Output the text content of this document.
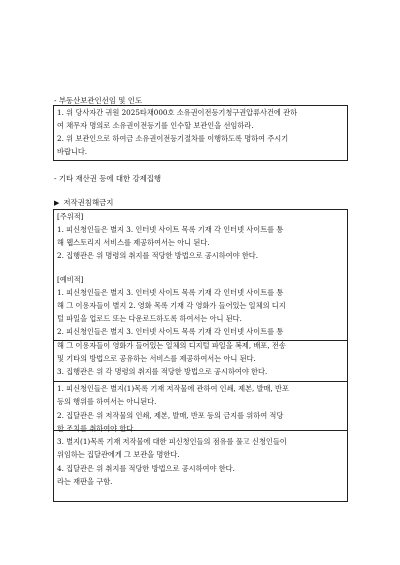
- 부동산보관인선임 및 인도
1. 위 당사자간 귀원 2025타채000호 소유권이전등기청구권압류사건에 관하
여 채무자 명의로 소유권이전등기를 인수할 보관인을 선임하라.
2. 위 보관인으로 하여금 소유권이전등기절차를 이행하도록 명하여 주시기
바랍니다.
- 기타 재산권 등에 대한 강제집행
▶ 저작권침해금지
[주위적]
1. 피신청인들은 별지 3. 인터넷 사이트 목록 기재 각 인터넷 사이트를 통
해 웹스토리지 서비스를 제공하여서는 아니 된다.
2. 집행관은 위 명령의 취지를 적당한 방법으로 공시하여야 한다.
[예비적]
1. 피신청인들은 별지 3. 인터넷 사이트 목록 기재 각 인터넷 사이트를 통
해 그 이용자들이 별지 2. 영화 목록 기재 각 영화가 들어있는 일체의 디지
털 파일을 업로드 또는 다운로드하도록 하여서는 아니 된다.
2. 피신청인들은 별지 3. 인터넷 사이트 목록 기재 각 인터넷 사이트를 통
해 그 이용자들이 영화가 들어있는 일체의 디지털 파일을 복제, 배포, 전송
및 기타의 방법으로 공유하는 서비스를 제공하여서는 아니 된다.
3. 집행관은 위 각 명령의 취지를 적당한 방법으로 공시하여야 한다.
1. 피신청인들은 별지(1)목록 기재 저작물에 관하여 인쇄, 제본, 발매, 반포
등의 행위를 하여서는 아니된다.
2. 집달관은 위 저작물의 인쇄, 제본, 발매, 반포 등의 금지를 위하여 적당
한 조치를 취하여야 한다.
3. 별지(1)목록 기재 저작물에 대한 피신청인들의 점유를 풀고 신청인들이
위임하는 집달관에게 그 보관을 명한다.
4. 집달관은 위 취지를 적당한 방법으로 공시하여야 한다.
라는 재판을 구함.
